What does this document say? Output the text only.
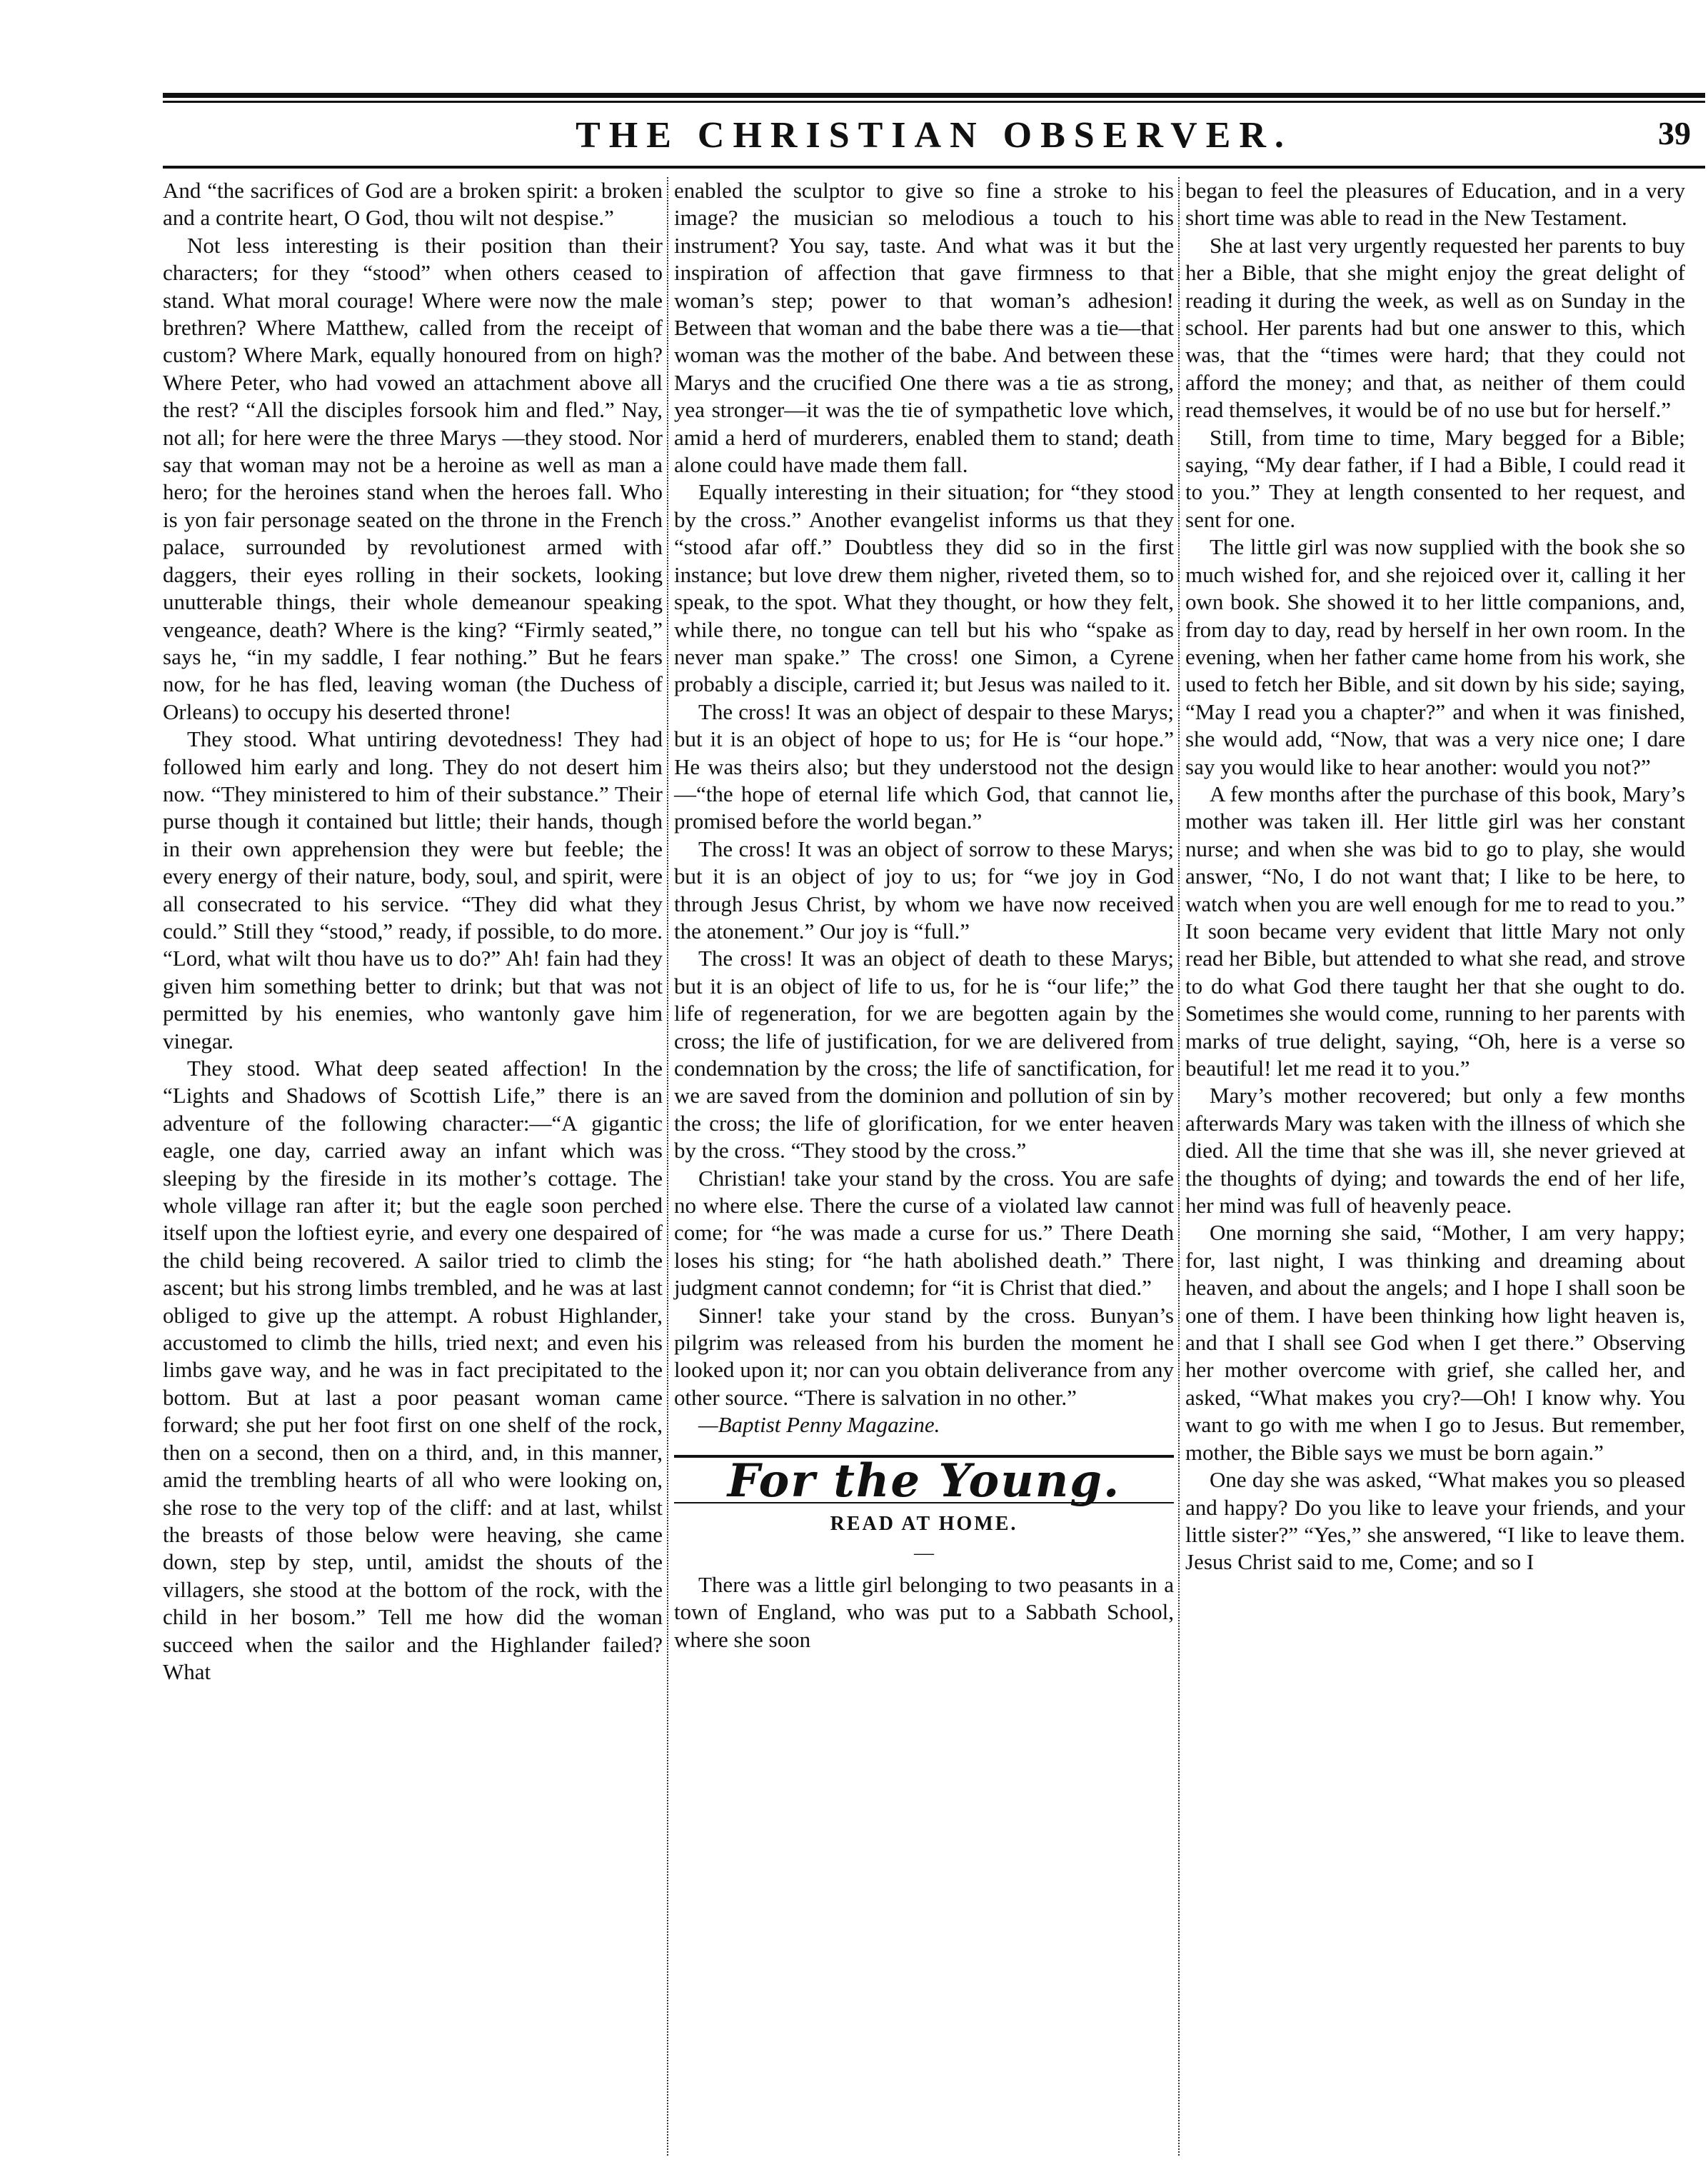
THE CHRISTIAN OBSERVER.	39

And “the sacrifices of God are a broken spirit: a broken and a contrite heart, O God, thou wilt not despise.”

Not less interesting is their position than their characters; for they “stood” when others ceased to stand. What moral courage! Where were now the male brethren? Where Matthew, called from the receipt of custom? Where Mark, equally honoured from on high? Where Peter, who had vowed an attachment above all the rest? “All the disciples forsook him and fled.” Nay, not all; for here were the three Marys —they stood. Nor say that woman may not be a heroine as well as man a hero; for the heroines stand when the heroes fall. Who is yon fair personage seated on the throne in the French palace, surrounded by revolutionest armed with daggers, their eyes rolling in their sockets, looking unutterable things, their whole demeanour speaking vengeance, death? Where is the king? “Firmly seated,” says he, “in my saddle, I fear nothing.” But he fears now, for he has fled, leaving woman (the Duchess of Orleans) to occupy his deserted throne!

They stood. What untiring devotedness! They had followed him early and long. They do not desert him now. “They ministered to him of their substance.” Their purse though it contained but little; their hands, though in their own apprehension they were but feeble; the every energy of their nature, body, soul, and spirit, were all consecrated to his service. “They did what they could.” Still they “stood,” ready, if possible, to do more. “Lord, what wilt thou have us to do?” Ah! fain had they given him something better to drink; but that was not permitted by his enemies, who wantonly gave him vinegar.

They stood. What deep seated affection! In the “Lights and Shadows of Scottish Life,” there is an adventure of the following character:—“A gigantic eagle, one day, carried away an infant which was sleeping by the fireside in its mother’s cottage. The whole village ran after it; but the eagle soon perched itself upon the loftiest eyrie, and every one despaired of the child being recovered. A sailor tried to climb the ascent; but his strong limbs trembled, and he was at last obliged to give up the attempt. A robust Highlander, accustomed to climb the hills, tried next; and even his limbs gave way, and he was in fact precipitated to the bottom. But at last a poor peasant woman came forward; she put her foot first on one shelf of the rock, then on a second, then on a third, and, in this manner, amid the trembling hearts of all who were looking on, she rose to the very top of the cliff: and at last, whilst the breasts of those below were heaving, she came down, step by step, until, amidst the shouts of the villagers, she stood at the bottom of the rock, with the child in her bosom.” Tell me how did the woman succeed when the sailor and the Highlander failed? What

enabled the sculptor to give so fine a stroke to his image? the musician so melodious a touch to his instrument? You say, taste. And what was it but the inspiration of affection that gave firmness to that woman’s step; power to that woman’s adhesion! Between that woman and the babe there was a tie—that woman was the mother of the babe. And between these Marys and the crucified One there was a tie as strong, yea stronger—it was the tie of sympathetic love which, amid a herd of murderers, enabled them to stand; death alone could have made them fall.

Equally interesting in their situation; for “they stood by the cross.” Another evangelist informs us that they “stood afar off.” Doubtless they did so in the first instance; but love drew them nigher, riveted them, so to speak, to the spot. What they thought, or how they felt, while there, no tongue can tell but his who “spake as never man spake.” The cross! one Simon, a Cyrene probably a disciple, carried it; but Jesus was nailed to it.

The cross! It was an object of despair to these Marys; but it is an object of hope to us; for He is “our hope.” He was theirs also; but they understood not the design—“the hope of eternal life which God, that cannot lie, promised before the world began.”

The cross! It was an object of sorrow to these Marys; but it is an object of joy to us; for “we joy in God through Jesus Christ, by whom we have now received the atonement.” Our joy is “full.”

The cross! It was an object of death to these Marys; but it is an object of life to us, for he is “our life;” the life of regeneration, for we are begotten again by the cross; the life of justification, for we are delivered from condemnation by the cross; the life of sanctification, for we are saved from the dominion and pollution of sin by the cross; the life of glorification, for we enter heaven by the cross. “They stood by the cross.”

Christian! take your stand by the cross. You are safe no where else. There the curse of a violated law cannot come; for “he was made a curse for us.” There Death loses his sting; for “he hath abolished death.” There judgment cannot condemn; for “it is Christ that died.”

Sinner! take your stand by the cross. Bunyan’s pilgrim was released from his burden the moment he looked upon it; nor can you obtain deliverance from any other source. “There is salvation in no other.”

—Baptist Penny Magazine.

For the Young.
READ AT HOME.
—

There was a little girl belonging to two peasants in a town of England, who was put to a Sabbath School, where she soon

began to feel the pleasures of Education, and in a very short time was able to read in the New Testament.

She at last very urgently requested her parents to buy her a Bible, that she might enjoy the great delight of reading it during the week, as well as on Sunday in the school. Her parents had but one answer to this, which was, that the “times were hard; that they could not afford the money; and that, as neither of them could read themselves, it would be of no use but for herself.”

Still, from time to time, Mary begged for a Bible; saying, “My dear father, if I had a Bible, I could read it to you.” They at length consented to her request, and sent for one.

The little girl was now supplied with the book she so much wished for, and she rejoiced over it, calling it her own book. She showed it to her little companions, and, from day to day, read by herself in her own room. In the evening, when her father came home from his work, she used to fetch her Bible, and sit down by his side; saying, “May I read you a chapter?” and when it was finished, she would add, “Now, that was a very nice one; I dare say you would like to hear another: would you not?”

A few months after the purchase of this book, Mary’s mother was taken ill. Her little girl was her constant nurse; and when she was bid to go to play, she would answer, “No, I do not want that; I like to be here, to watch when you are well enough for me to read to you.” It soon became very evident that little Mary not only read her Bible, but attended to what she read, and strove to do what God there taught her that she ought to do. Sometimes she would come, running to her parents with marks of true delight, saying, “Oh, here is a verse so beautiful! let me read it to you.”

Mary’s mother recovered; but only a few months afterwards Mary was taken with the illness of which she died. All the time that she was ill, she never grieved at the thoughts of dying; and towards the end of her life, her mind was full of heavenly peace.

One morning she said, “Mother, I am very happy; for, last night, I was thinking and dreaming about heaven, and about the angels; and I hope I shall soon be one of them. I have been thinking how light heaven is, and that I shall see God when I get there.” Observing her mother overcome with grief, she called her, and asked, “What makes you cry?—Oh! I know why. You want to go with me when I go to Jesus. But remember, mother, the Bible says we must be born again.”

One day she was asked, “What makes you so pleased and happy? Do you like to leave your friends, and your little sister?” “Yes,” she answered, “I like to leave them. Jesus Christ said to me, Come; and so I
